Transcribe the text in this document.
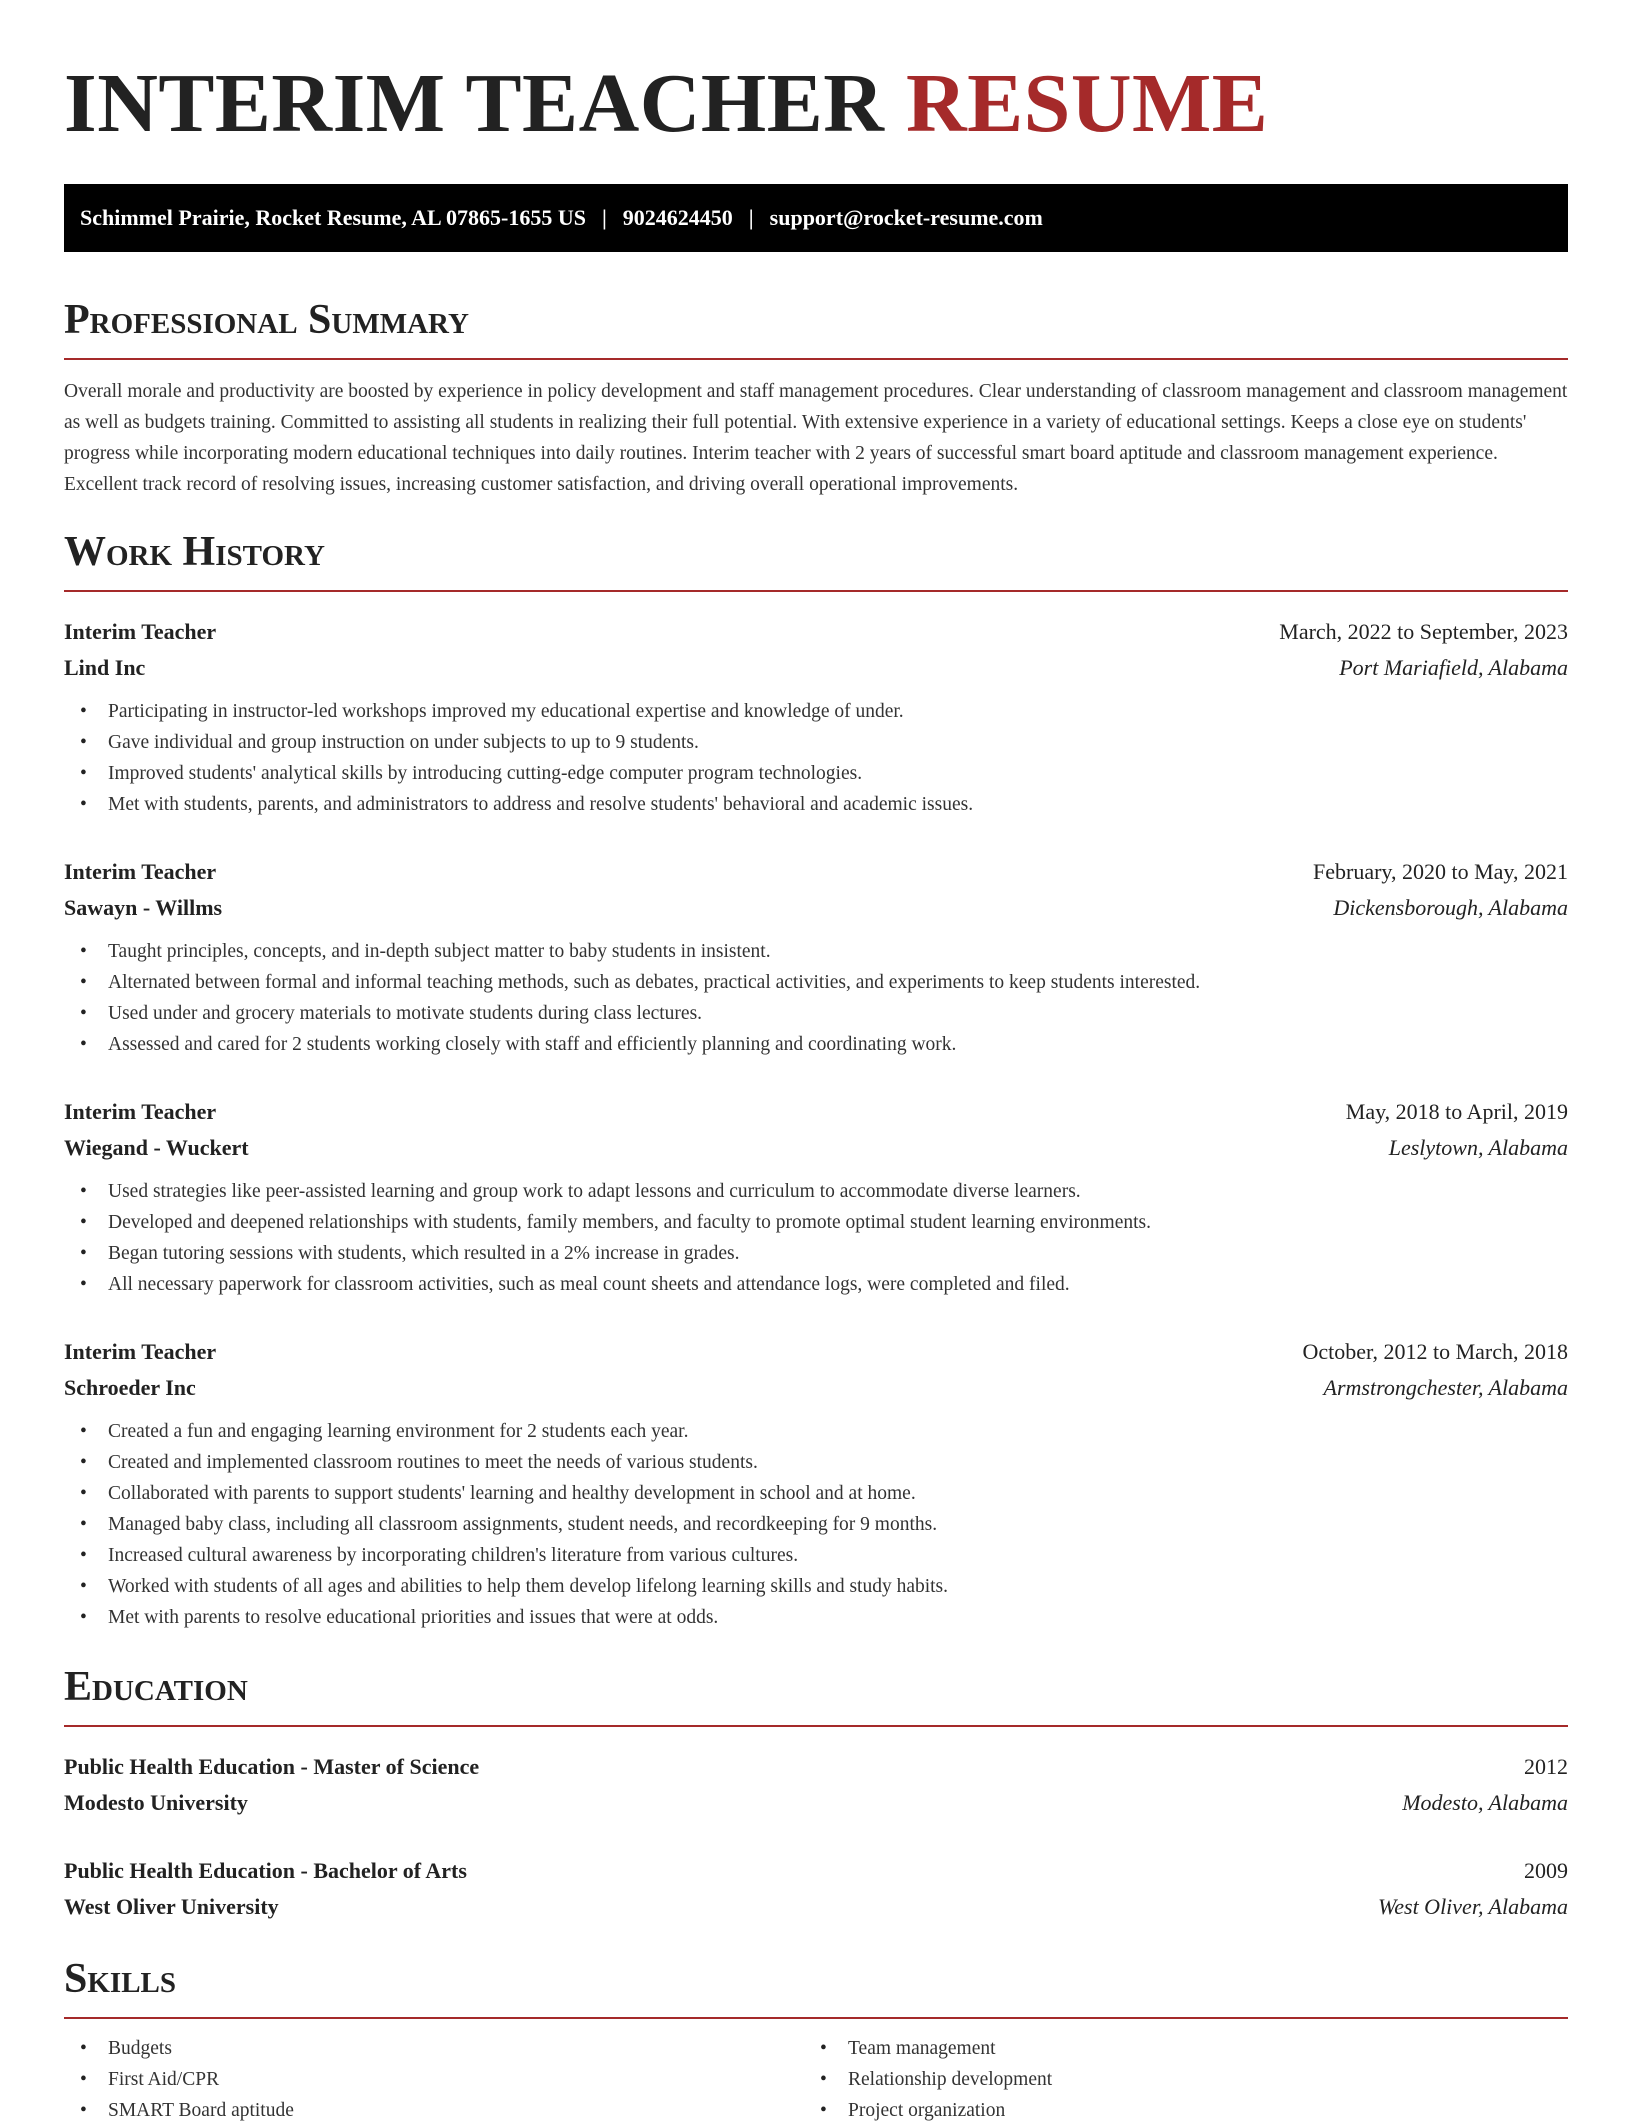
INTERIM TEACHER RESUME
Schimmel Prairie, Rocket Resume, AL 07865-1655 US | 9024624450 | support@rocket-resume.com
Professional Summary

Overall morale and productivity are boosted by experience in policy development and staff management procedures. Clear understanding of classroom management and classroom management as well as budgets training. Committed to assisting all students in realizing their full potential. With extensive experience in a variety of educational settings. Keeps a close eye on students' progress while incorporating modern educational techniques into daily routines. Interim teacher with 2 years of successful smart board aptitude and classroom management experience. Excellent track record of resolving issues, increasing customer satisfaction, and driving overall operational improvements.

Work History
Interim Teacher	March, 2022 to September, 2023
Lind Inc	Port Mariafield, Alabama
• Participating in instructor-led workshops improved my educational expertise and knowledge of under.
• Gave individual and group instruction on under subjects to up to 9 students.
• Improved students' analytical skills by introducing cutting-edge computer program technologies.
• Met with students, parents, and administrators to address and resolve students' behavioral and academic issues.
Interim Teacher	February, 2020 to May, 2021
Sawayn - Willms	Dickensborough, Alabama
• Taught principles, concepts, and in-depth subject matter to baby students in insistent.
• Alternated between formal and informal teaching methods, such as debates, practical activities, and experiments to keep students interested.
• Used under and grocery materials to motivate students during class lectures.
• Assessed and cared for 2 students working closely with staff and efficiently planning and coordinating work.
Interim Teacher	May, 2018 to April, 2019
Wiegand - Wuckert	Leslytown, Alabama
• Used strategies like peer-assisted learning and group work to adapt lessons and curriculum to accommodate diverse learners.
• Developed and deepened relationships with students, family members, and faculty to promote optimal student learning environments.
• Began tutoring sessions with students, which resulted in a 2% increase in grades.
• All necessary paperwork for classroom activities, such as meal count sheets and attendance logs, were completed and filed.
Interim Teacher	October, 2012 to March, 2018
Schroeder Inc	Armstrongchester, Alabama
• Created a fun and engaging learning environment for 2 students each year.
• Created and implemented classroom routines to meet the needs of various students.
• Collaborated with parents to support students' learning and healthy development in school and at home.
• Managed baby class, including all classroom assignments, student needs, and recordkeeping for 9 months.
• Increased cultural awareness by incorporating children's literature from various cultures.
• Worked with students of all ages and abilities to help them develop lifelong learning skills and study habits.
• Met with parents to resolve educational priorities and issues that were at odds.
Education
Public Health Education - Master of Science	2012
Modesto University	Modesto, Alabama
Public Health Education - Bachelor of Arts	2009
West Oliver University	West Oliver, Alabama
Skills
• Budgets
• First Aid/CPR
• SMART Board aptitude
• Team management
• Relationship development
• Project organization
